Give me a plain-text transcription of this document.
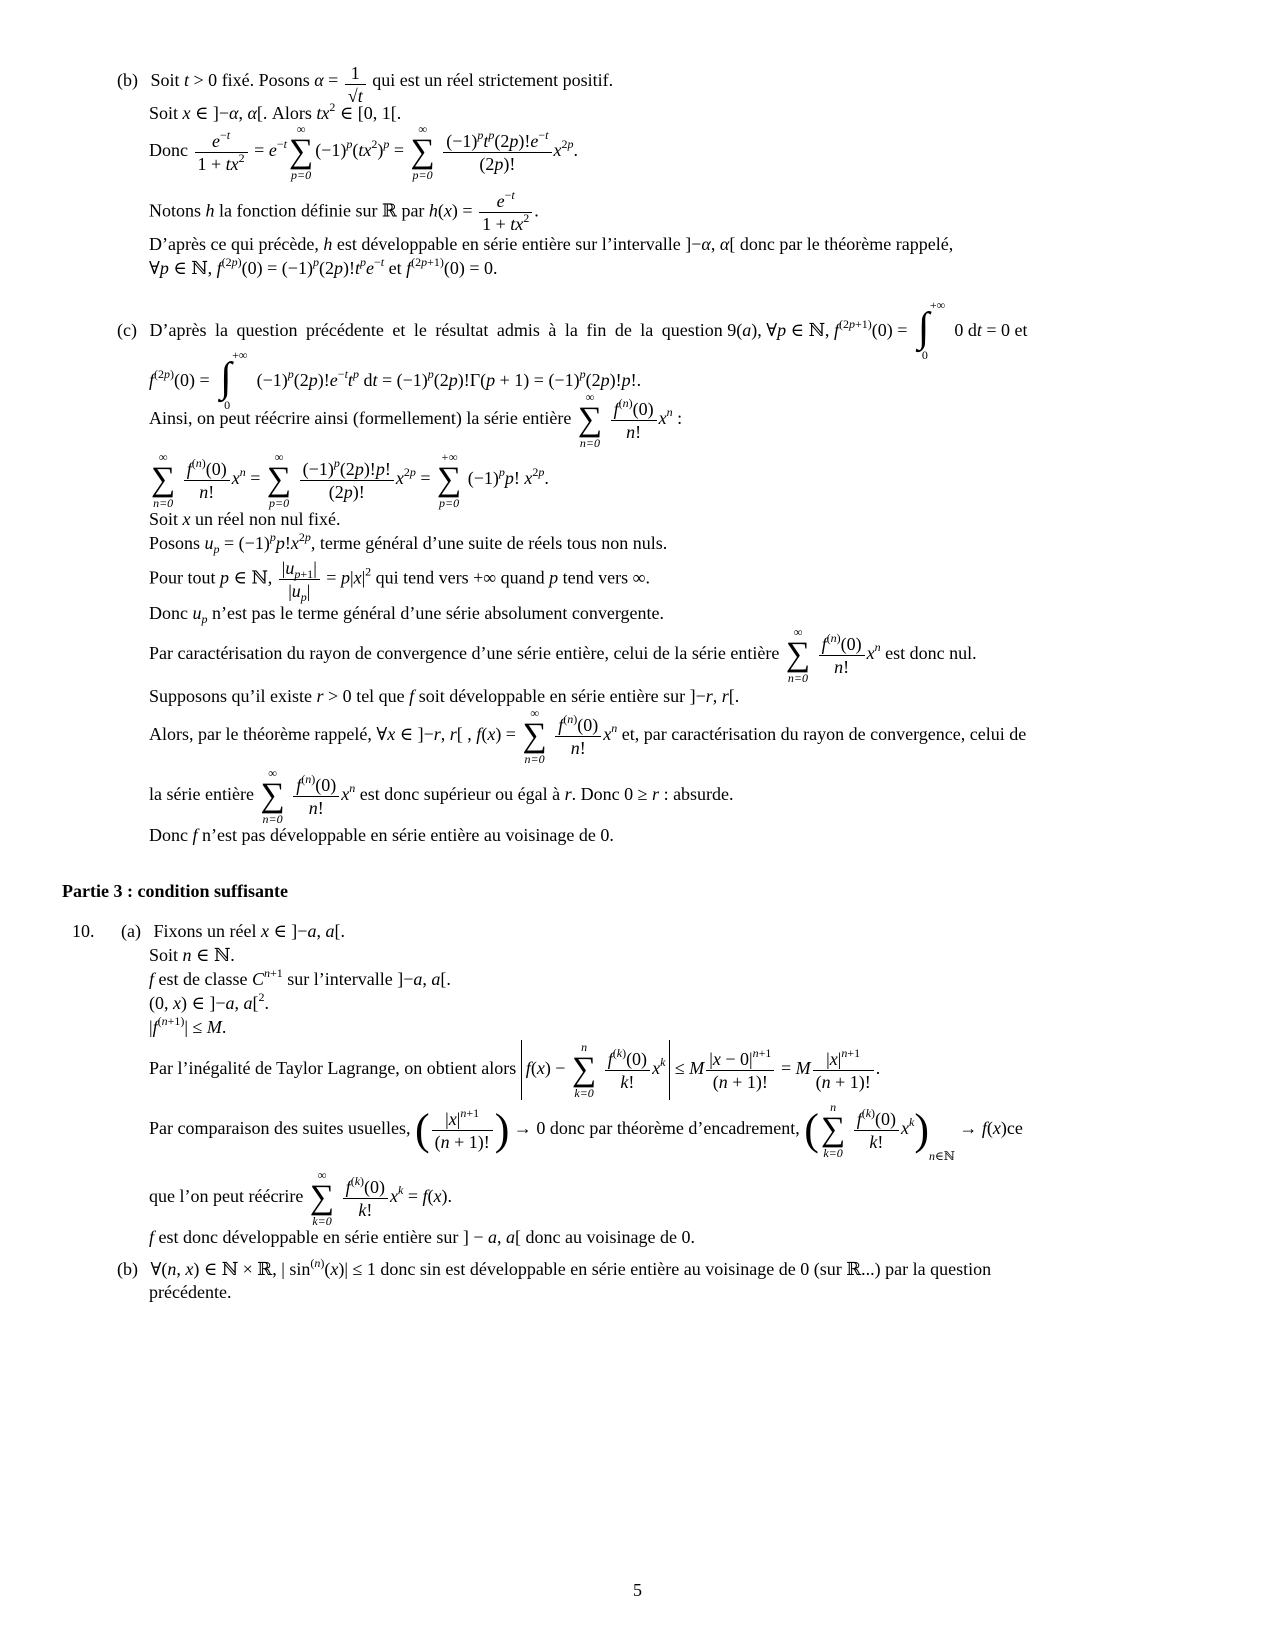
(b) Soit t > 0 fixé. Posons $\alpha = \frac{1}{√t}$ qui est un réel strictement positif.
Soit x ∈ ]−α, α[. Alors $tx^2$ ∈ [0, 1[.
Donc $\frac{e^{-t}}{1 + tx^2} = e^{-t}$
∞
∑
p=0
$(-1)^p(tx^2)^p$ =
∞
∑
p=0

$\frac{(-1)^pt^p(2p)!e^{-t}}{(2p)!} x^{2p}$.
Notons h la fonction définie sur ℝ par $h(x) = \frac{e^{-t}}{1 + tx^2}$ .
D’après ce qui précède, h est développable en série entière sur l’intervalle ]−α, α[ donc par le théorème rappelé,
∀p ∈ ℕ, $f^{(2p)}(0) = (-1)^p(2p)!t^pe^{-t}$ et $f^{(2p+1)}(0) = 0$.
(c) D’après la question précédente et le résultat admis à la fin de la question 9(a), ∀p ∈ ℕ, $f^{(2p+1)}(0)$ = ∫ +∞
0
0 dt = 0 et
$f^{(2p)}(0)$ = ∫ +∞
0
$(-1)^p(2p)!e^{-t}t^p$ dt = $(-1)^p(2p)!\Gamma(p + 1) = (-1)^p(2p)!p$!.
Ainsi, on peut réécrire ainsi (formellement) la série entière
∞
∑
n=0

$\frac{f^{(n)}(0)}{n!} x^n$ :
∞
∑
n=0

$\frac{f^{(n)}(0)}{n!} x^n$ =
∞
∑
p=0

$\frac{(-1)^p(2p)!p!}{(2p)!} x^{2p}$ =
+∞
∑
p=0
$(-1)^pp$! $x^{2p}$.
Soit x un réel non nul fixé.
Posons $u_p = (-1)^pp!x^{2p}$, terme général d’une suite de réels tous non nuls.
Pour tout p ∈ ℕ, $\frac{|u_{p+1}|}{|u_p|} = p|x|^2$ qui tend vers +∞ quand p tend vers ∞.
Donc $u_p$ n’est pas le terme général d’une série absolument convergente.
Par caractérisation du rayon de convergence d’une série entière, celui de la série entière
∞
∑
n=0

$\frac{f^{(n)}(0)}{n!} x^n$ est donc nul.
Supposons qu’il existe r > 0 tel que f soit développable en série entière sur ]−r, r[.
Alors, par le théorème rappelé, ∀x ∈ ]−r, r[ , f(x) =
∞
∑
n=0

$\frac{f^{(n)}(0)}{n!} x^n$ et, par caractérisation du rayon de convergence, celui de
la série entière
∞
∑
n=0

$\frac{f^{(n)}(0)}{n!} x^n$ est donc supérieur ou égal à r. Donc 0 ≥ r : absurde.
Donc f n’est pas développable en série entière au voisinage de 0.
Partie 3 : condition suffisante
10. (a) Fixons un réel x ∈ ]−a, a[.
Soit n ∈ ℕ.
f est de classe $C^{n+1}$ sur l’intervalle ]−a, a[.
(0, x) ∈ ]−a, a[$^2$.
$|f^{(n+1)}| \le M$.
Par l’inégalité de Taylor Lagrange, on obtient alors f(x) −
n
∑
k=0

$\frac{f^{(k)}(0)}{k!} x^k \le M \frac{|x - 0|^{n+1}}{(n + 1)!} = M \frac{|x|^{n+1}}{(n + 1)!}$ .
Par comparaison des suites usuelles, ( $\frac{|x|^{n+1}}{(n + 1)!}$ ) → 0 donc par théorème d’encadrement, ( n
∑
k=0

$\frac{f^{(k)}(0)}{k!} x^k)_{n\in ℕ} \to f(x)ce$
que l’on peut réécrire
∞
∑
k=0

$\frac{f^{(k)}(0)}{k!} x^k = f(x)$.
f est donc développable en série entière sur ] − a, a[ donc au voisinage de 0.
(b) ∀(n, x) ∈ ℕ × ℝ, | $\sin^{(n)}(x)| \le 1$ donc sin est développable en série entière au voisinage de 0 (sur ℝ...) par la question
précédente.
5
